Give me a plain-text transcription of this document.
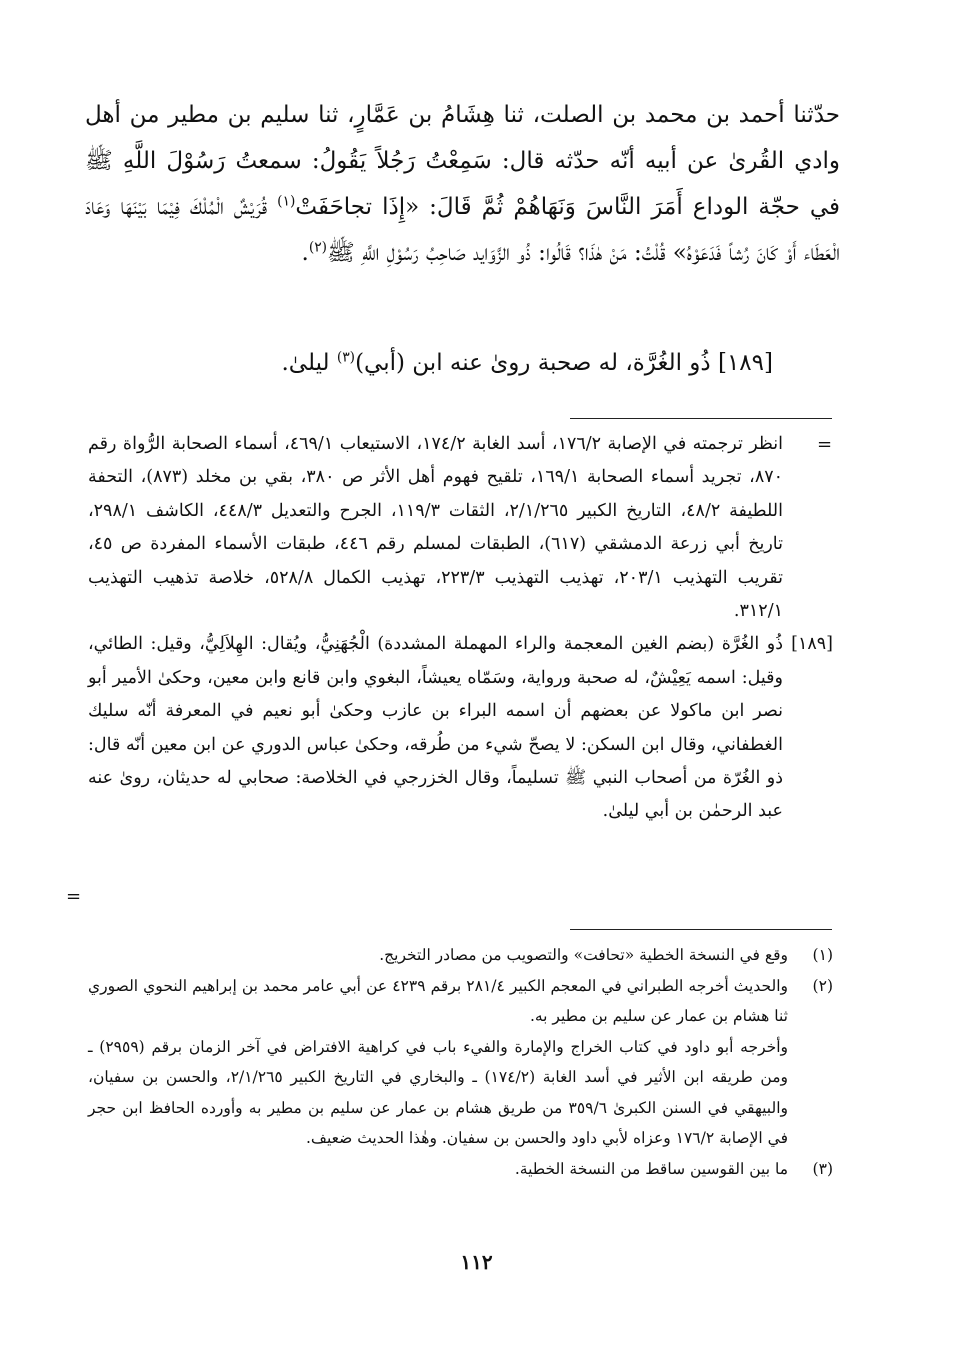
حدّثنا أحمد بن محمد بن الصلت، ثنا هِشَامُ بن عَمَّارٍ، ثنا سليم بن مطير من أهل وادي القُرىٰ عن أبيه أنّه حدّثه قال: سَمِعْتُ رَجُلاً يَقُولُ: سمعتُ رَسُوْلَ اللَّهِ ﷺ في حجّة الوداع أَمَرَ النَّاسَ وَنَهَاهُمْ ثُمَّ قَالَ: «إِذَا تجاحَفَتْ$^{(١)}$ قُرَيْشٌ الْمُلْكَ فِيْمَا بَيْنَهَا وَعَادَ الْعَطَاء أَوْ كَانَ رُشاً فَدَعَوْهُ» قُلْتُ: مَنْ هٰذَا؟ قَالُوا: ذُو الزَّوَايد صَاحِبُ رَسُوْلِ اللَّهِ ﷺ$^{(٢)}$.

[١٨٩] ذُو الغُرَّة، له صحبة روىٰ عنه ابن (أبي)$^{(٣)}$ ليلىٰ.
=
انظر ترجمته في الإصابة ١٧٦/٢، أسد الغابة ١٧٤/٢، الاستيعاب ٤٦٩/١، أسماء الصحابة الرُّواة رقم ٨٧٠، تجريد أسماء الصحابة ١٦٩/١، تلقيح فهوم أهل الأثر ص ٣٨٠، بقي بن مخلد (٨٧٣)، التحفة اللطيفة ٤٨/٢، التاريخ الكبير ٢/١/٢٦٥، الثقات ١١٩/٣، الجرح والتعديل ٤٤٨/٣، الكاشف ٢٩٨/١، تاريخ أبي زرعة الدمشقي (٦١٧)، الطبقات لمسلم رقم ٤٤٦، طبقات الأسماء المفردة ص ٤٥، تقريب التهذيب ٢٠٣/١، تهذيب التهذيب ٢٢٣/٣، تهذيب الكمال ٥٢٨/٨، خلاصة تذهيب التهذيب ٣١٢/١.
[١٨٩]
ذُو الغُرَّة (بضم الغين المعجمة والراء المهملة المشددة) الْجُهَنِيُّ، ويُقال: الهِلاَلِيُّ، وقيل: الطائي، وقيل: اسمه يَعِيْشٌ، له صحبة ورواية، وسَمّاه يعيشاً، البغوي وابن قانع وابن معين، وحكىٰ الأمير أبو نصر ابن ماكولا عن بعضهم أن اسمه البراء بن عازب وحكىٰ أبو نعيم في المعرفة أنّه سليك الغطفاني، وقال ابن السكن: لا يصحّ شيء من طُرقه، وحكىٰ عباس الدوري عن ابن معين أنّه قال: ذو الغُرّة من أصحاب النبي ﷺ تسليماً، وقال الخزرجي في الخلاصة: صحابي له حديثان، روىٰ عنه عبد الرحمٰن بن أبي ليلىٰ.
=
(١)
وقع في النسخة الخطية «تحافت» والتصويب من مصادر التخريج.
(٢)
والحديث أخرجه الطبراني في المعجم الكبير ٢٨١/٤ برقم ٤٢٣٩ عن أبي عامر محمد بن إبراهيم النحوي الصوري ثنا هشام بن عمار عن سليم بن مطير به.
وأخرجه أبو داود في كتاب الخراج والإمارة والفيء باب في كراهية الافتراض في آخر الزمان برقم (٢٩٥٩) ـ ومن طريقه ابن الأثير في أسد الغابة (١٧٤/٢) ـ والبخاري في التاريخ الكبير ٢/١/٢٦٥، والحسن بن سفيان، والبيهقي في السنن الكبرىٰ ٣٥٩/٦ من طريق هشام بن عمار عن سليم بن مطير به وأورده الحافظ ابن حجر في الإصابة ١٧٦/٢ وعزاه لأبي داود والحسن بن سفيان. وهٰذا الحديث ضعيف.
(٣)
ما بين القوسين ساقط من النسخة الخطية.
١١٢
